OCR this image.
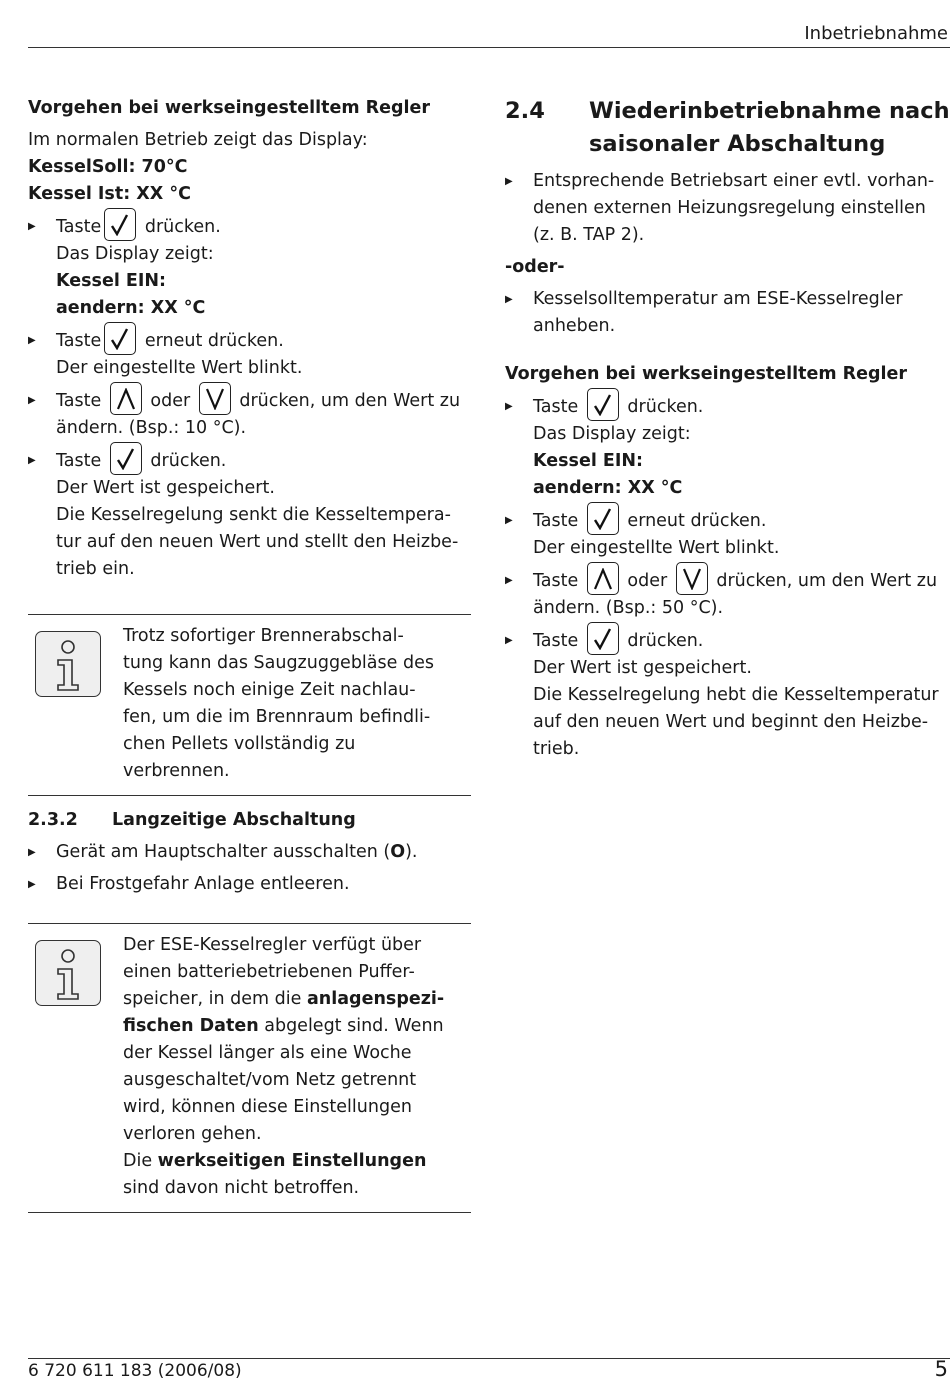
Inbetriebnahme

Vorgehen bei werkseingestelltem Regler

Im normalen Betrieb zeigt das Display:

KesselSoll: 70°C

Kessel Ist: XX °C

▶ Taste drücken.

Das Display zeigt:

Kessel EIN:

aendern: XX °C

▶ Taste erneut drücken.

Der eingestellte Wert blinkt.

▶ Taste	oder	drücken, um den Wert zu

ändern. (Bsp.: 10 °C).

▶ Taste	drücken.

Der Wert ist gespeichert.

Die Kesselregelung senkt die Kesseltempera-

tur auf den neuen Wert und stellt den Heizbe-

trieb ein.

Trotz sofortiger Brennerabschal-

tung kann das Saugzuggebläse des

Kessels noch einige Zeit nachlau-

fen, um die im Brennraum befindli-

chen Pellets vollständig zu

verbrennen.

2.3.2	Langzeitige Abschaltung
▶ Gerät am Hauptschalter ausschalten (O).
▶ Bei Frostgefahr Anlage entleeren.

Der ESE-Kesselregler verfügt über

einen batteriebetriebenen Puffer-

speicher, in dem die anlagenspezi-

fischen Daten abgelegt sind. Wenn

der Kessel länger als eine Woche

ausgeschaltet/vom Netz getrennt

wird, können diese Einstellungen

verloren gehen.

Die werkseitigen Einstellungen

sind davon nicht betroffen.

2.4	Wiederinbetriebnahme nach

saisonaler Abschaltung

▶ Entsprechende Betriebsart einer evtl. vorhan-

denen externen Heizungsregelung einstellen

(z. B. TAP 2).

-oder-

▶ Kesselsolltemperatur am ESE-Kesselregler

anheben.

Vorgehen bei werkseingestelltem Regler

▶ Taste	drücken.

Das Display zeigt:

Kessel EIN:

aendern: XX °C

▶ Taste	erneut drücken.

Der eingestellte Wert blinkt.

▶ Taste	oder	drücken, um den Wert zu

ändern. (Bsp.: 50 °C).

▶ Taste	drücken.

Der Wert ist gespeichert.

Die Kesselregelung hebt die Kesseltemperatur

auf den neuen Wert und beginnt den Heizbe-

trieb.

6 720 611 183 (2006/08)	5
